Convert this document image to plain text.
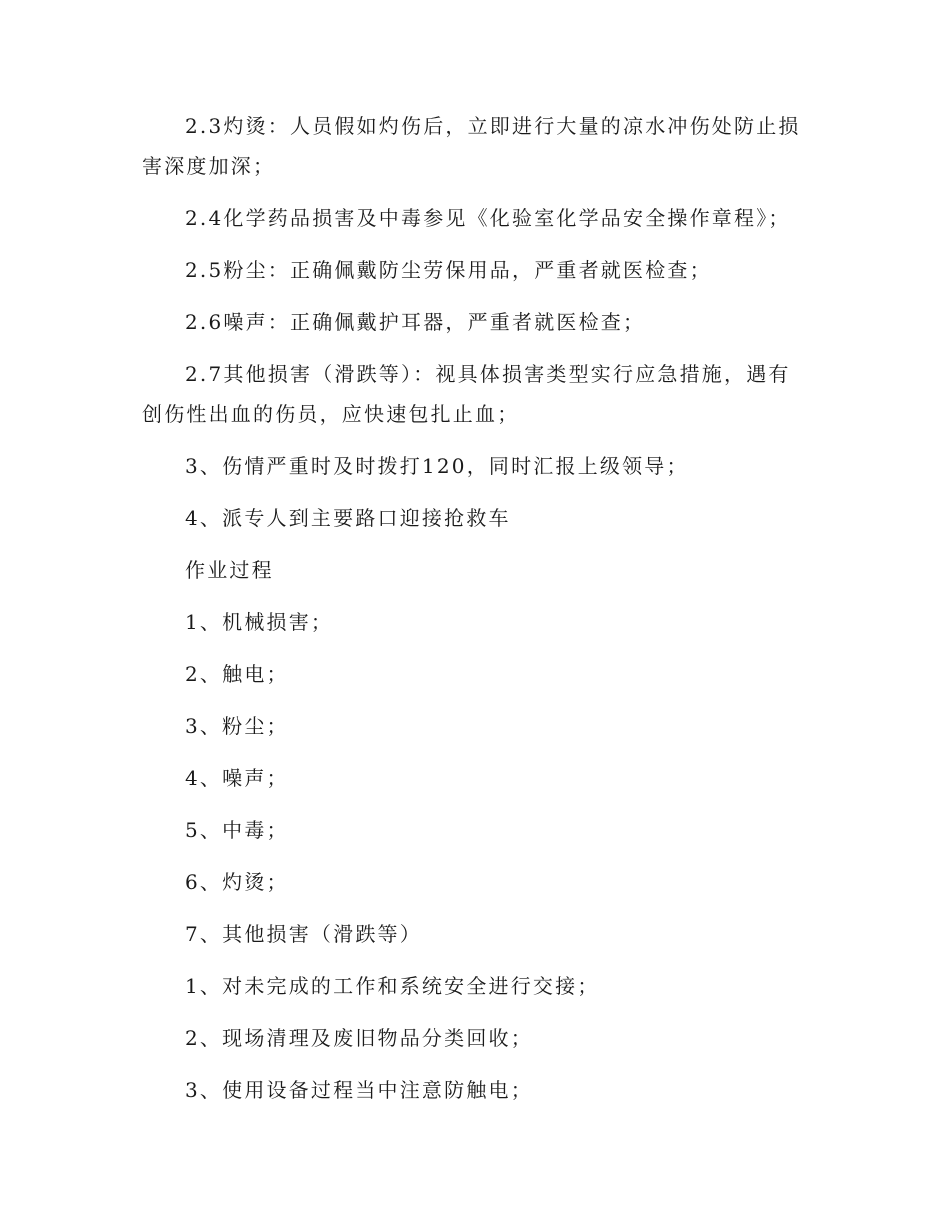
2.3灼烫：人员假如灼伤后，立即进行大量的凉水冲伤处防止损害深度加深；

2.4化学药品损害及中毒参见《化验室化学品安全操作章程》；

2.5粉尘：正确佩戴防尘劳保用品，严重者就医检查；

2.6噪声：正确佩戴护耳器，严重者就医检查；

2.7其他损害（滑跌等）：视具体损害类型实行应急措施，遇有创伤性出血的伤员，应快速包扎止血；

3、伤情严重时及时拨打120，同时汇报上级领导；

4、派专人到主要路口迎接抢救车

作业过程

1、机械损害；

2、触电；

3、粉尘；

4、噪声；

5、中毒；

6、灼烫；

7、其他损害（滑跌等）

1、对未完成的工作和系统安全进行交接；

2、现场清理及废旧物品分类回收；

3、使用设备过程当中注意防触电；
